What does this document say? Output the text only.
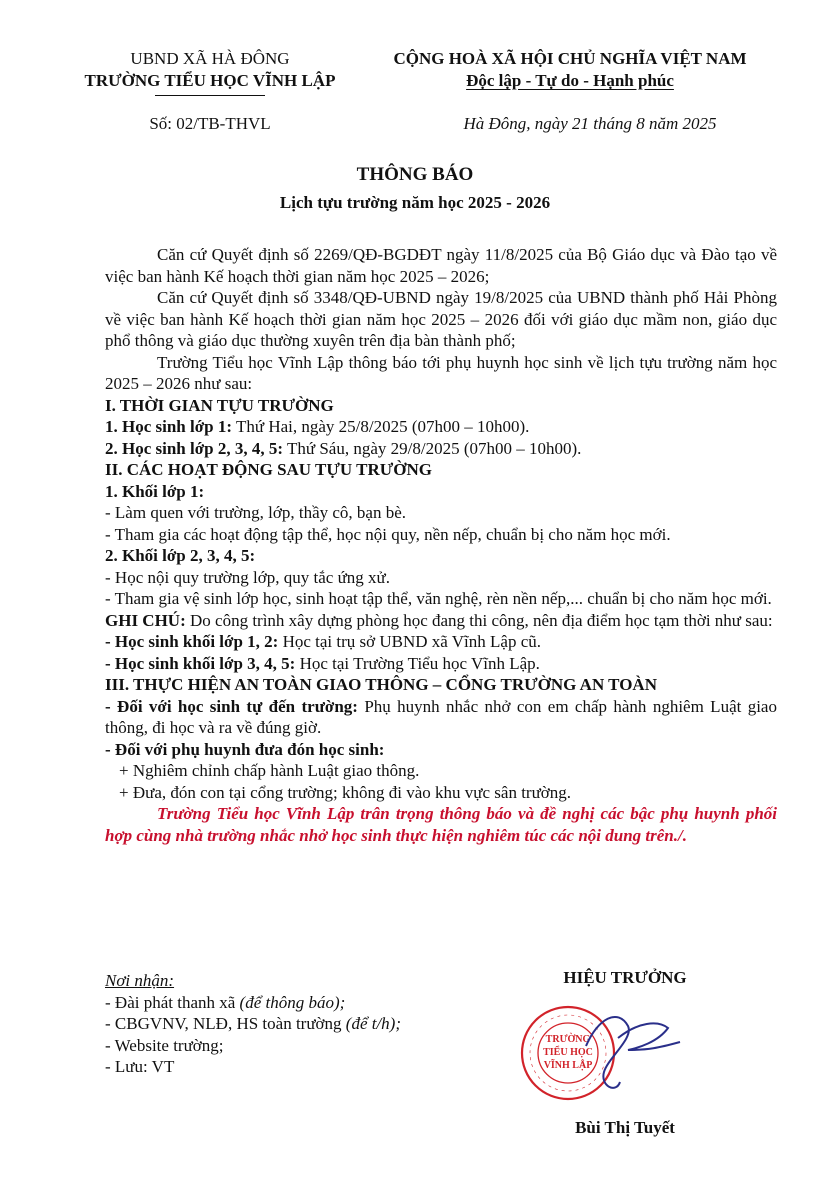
UBND XÃ HÀ ĐÔNG
TRƯỜNG TIỂU HỌC VĨNH LẬP
CỘNG HOÀ XÃ HỘI CHỦ NGHĨA VIỆT NAM
Độc lập - Tự do - Hạnh phúc
Số: 02/TB-THVL	Hà Đông, ngày 21 tháng 8 năm 2025
THÔNG BÁO
Lịch tựu trường năm học 2025 - 2026

Căn cứ Quyết định số 2269/QĐ-BGDĐT ngày 11/8/2025 của Bộ Giáo dục và Đào tạo về việc ban hành Kế hoạch thời gian năm học 2025 – 2026;

Căn cứ Quyết định số 3348/QĐ-UBND ngày 19/8/2025 của UBND thành phố Hải Phòng về việc ban hành Kế hoạch thời gian năm học 2025 – 2026 đối với giáo dục mầm non, giáo dục phổ thông và giáo dục thường xuyên trên địa bàn thành phố;

Trường Tiểu học Vĩnh Lập thông báo tới phụ huynh học sinh về lịch tựu trường năm học 2025 – 2026 như sau:

I. THỜI GIAN TỰU TRƯỜNG

1. Học sinh lớp 1: Thứ Hai, ngày 25/8/2025 (07h00 – 10h00).

2. Học sinh lớp 2, 3, 4, 5: Thứ Sáu, ngày 29/8/2025 (07h00 – 10h00).

II. CÁC HOẠT ĐỘNG SAU TỰU TRƯỜNG

1. Khối lớp 1:

- Làm quen với trường, lớp, thầy cô, bạn bè.

- Tham gia các hoạt động tập thể, học nội quy, nền nếp, chuẩn bị cho năm học mới.

2. Khối lớp 2, 3, 4, 5:

- Học nội quy trường lớp, quy tắc ứng xử.

- Tham gia vệ sinh lớp học, sinh hoạt tập thể, văn nghệ, rèn nền nếp,... chuẩn bị cho năm học mới.

GHI CHÚ: Do công trình xây dựng phòng học đang thi công, nên địa điểm học tạm thời như sau:

- Học sinh khối lớp 1, 2: Học tại trụ sở UBND xã Vĩnh Lập cũ.

- Học sinh khối lớp 3, 4, 5: Học tại Trường Tiểu học Vĩnh Lập.

III. THỰC HIỆN AN TOÀN GIAO THÔNG – CỔNG TRƯỜNG AN TOÀN

- Đối với học sinh tự đến trường: Phụ huynh nhắc nhở con em chấp hành nghiêm Luật giao thông, đi học và ra về đúng giờ.

- Đối với phụ huynh đưa đón học sinh:

+ Nghiêm chỉnh chấp hành Luật giao thông.

+ Đưa, đón con tại cổng trường; không đi vào khu vực sân trường.

Trường Tiểu học Vĩnh Lập trân trọng thông báo và đề nghị các bậc phụ huynh phối hợp cùng nhà trường nhắc nhở học sinh thực hiện nghiêm túc các nội dung trên./.

Nơi nhận:
- Đài phát thanh xã (để thông báo);
- CBGVNV, NLĐ, HS toàn trường (để t/h);
- Website trường;
- Lưu: VT
HIỆU TRƯỞNG
TRƯỜNG
TIỂU HỌC
VĨNH LẬP
Bùi Thị Tuyết
